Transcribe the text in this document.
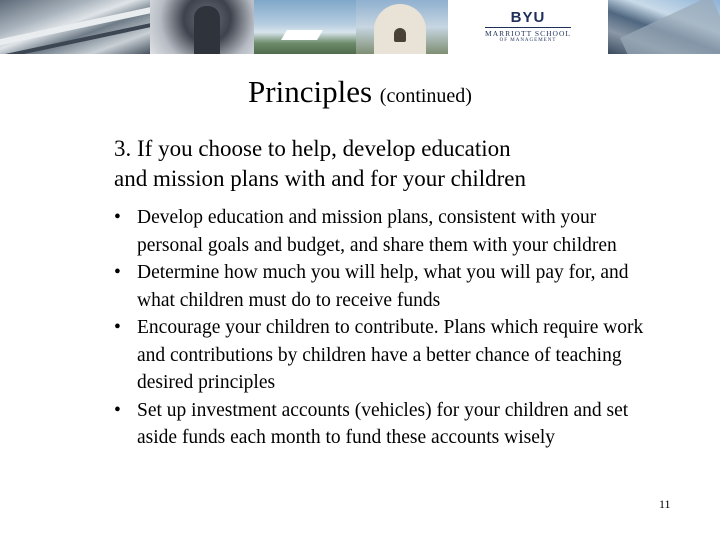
BYU
MARRIOTT SCHOOL
OF MANAGEMENT
Principles (continued)
3. If you choose to help, develop education
and mission plans with and for your children
• Develop education and mission plans, consistent with your personal goals and budget, and share them with your children
• Determine how much you will help, what you will pay for, and what children must do to receive funds
• Encourage your children to contribute. Plans which require work and contributions by children have a better chance of teaching desired principles
• Set up investment accounts (vehicles) for your children and set aside funds each month to fund these accounts wisely
11
